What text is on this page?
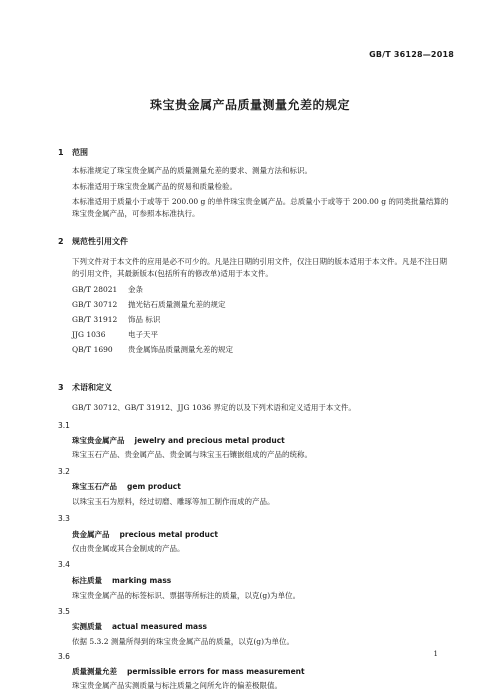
GB/T 36128—2018
珠宝贵金属产品质量测量允差的规定
1 范围
本标准规定了珠宝贵金属产品的质量测量允差的要求、测量方法和标识。
本标准适用于珠宝贵金属产品的贸易和质量检验。
本标准适用于质量小于或等于 200.00 g 的单件珠宝贵金属产品。总质量小于或等于 200.00 g 的同类批量结算的珠宝贵金属产品，可参照本标准执行。
2 规范性引用文件
下列文件对于本文件的应用是必不可少的。凡是注日期的引用文件，仅注日期的版本适用于本文件。凡是不注日期的引用文件，其最新版本(包括所有的修改单)适用于本文件。
GB/T 28021 金条
GB/T 30712 抛光钻石质量测量允差的规定
GB/T 31912 饰品 标识
JJG 1036	电子天平
QB/T 1690 贵金属饰品质量测量允差的规定
3 术语和定义
GB/T 30712、GB/T 31912、JJG 1036 界定的以及下列术语和定义适用于本文件。
3.1
珠宝贵金属产品 jewelry and precious metal product
珠宝玉石产品、贵金属产品、贵金属与珠宝玉石镶嵌组成的产品的统称。
3.2
珠宝玉石产品 gem product
以珠宝玉石为原料，经过切磨、雕琢等加工制作而成的产品。
3.3
贵金属产品 precious metal product
仅由贵金属或其合金制成的产品。
3.4
标注质量 marking mass
珠宝贵金属产品的标签标识、票据等所标注的质量，以克(g)为单位。
3.5
实测质量 actual measured mass
依据 5.3.2 测量所得到的珠宝贵金属产品的质量，以克(g)为单位。
3.6
质量测量允差 permissible errors for mass measurement
珠宝贵金属产品实测质量与标注质量之间所允许的偏差极限值。
1
